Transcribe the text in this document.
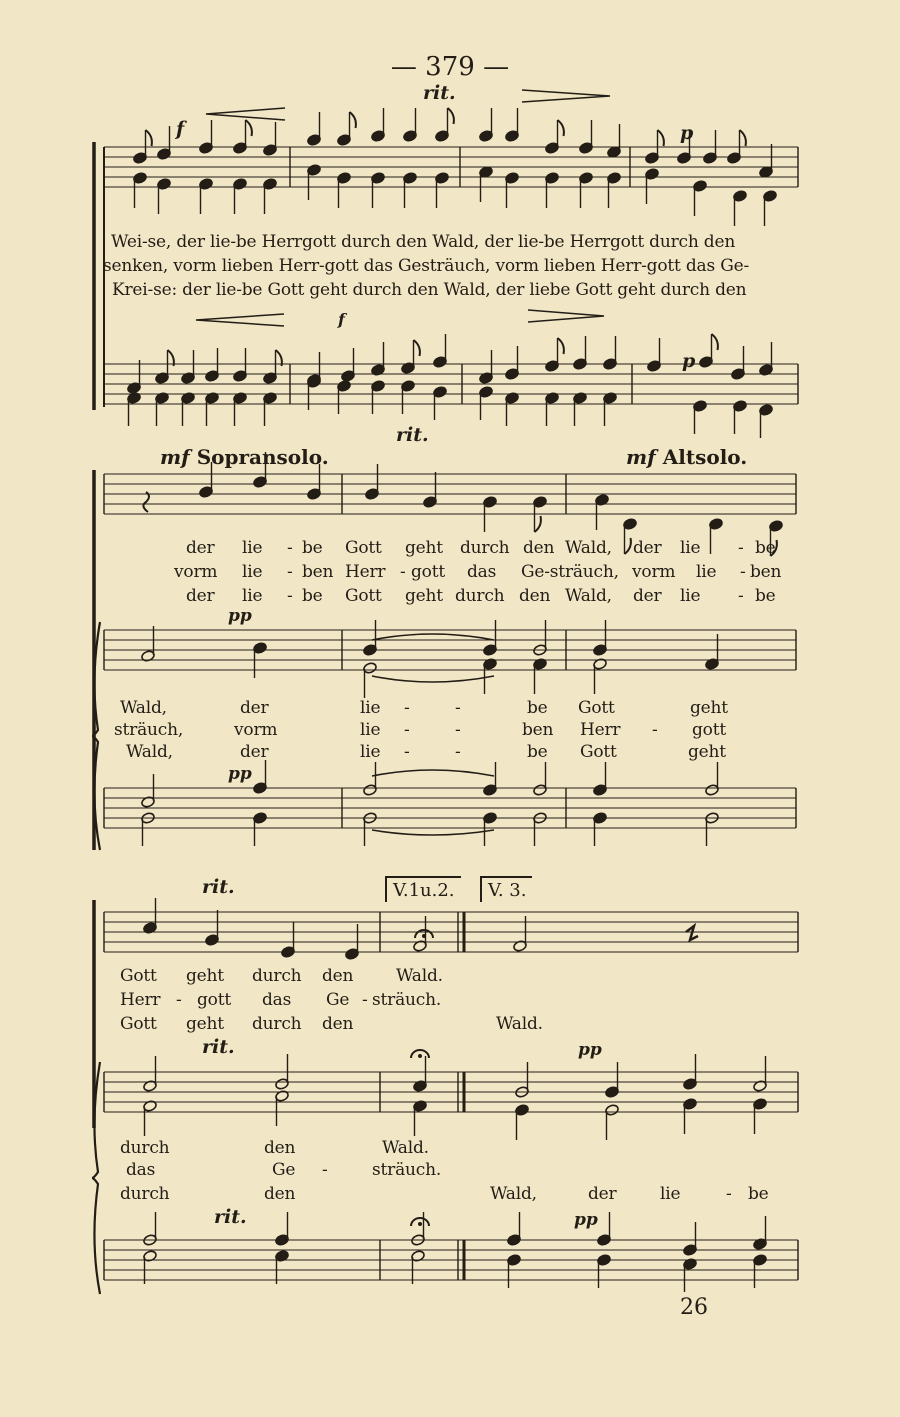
— 379 —
rit.
f	p
f
p
rit.
Wei-se, der lie-be Herrgott durch den Wald, der lie-be Herrgott durch den
senken, vorm lieben Herr-gott das Gesträuch, vorm lieben Herr-gott das Ge-
Krei-se: der lie-be Gott geht durch den Wald, der liebe Gott geht durch den
mf Sopransolo.	mf Altsolo.
pp
pp
der lie - be Gott geht durch den Wald, der lie - be
vorm lie - ben Herr - gott das Ge-sträuch, vorm lie - ben
der lie - be Gott geht durch den Wald, der lie - be
Wald,	der	lie -	-	be Gott	geht
sträuch,	vorm	lie -	-	ben Herr - gott
Wald,	der	lie -	-	be Gott	geht
rit.	V.1u.2.	V. 3.
rit.	pp
rit.	pp
Gott geht durch den	Wald.
Herr - gott das Ge - sträuch.
Gott geht durch den	Wald.
durch	den	Wald.
das	Ge -	sträuch.
durch	den	Wald,	der	lie	- be
26
